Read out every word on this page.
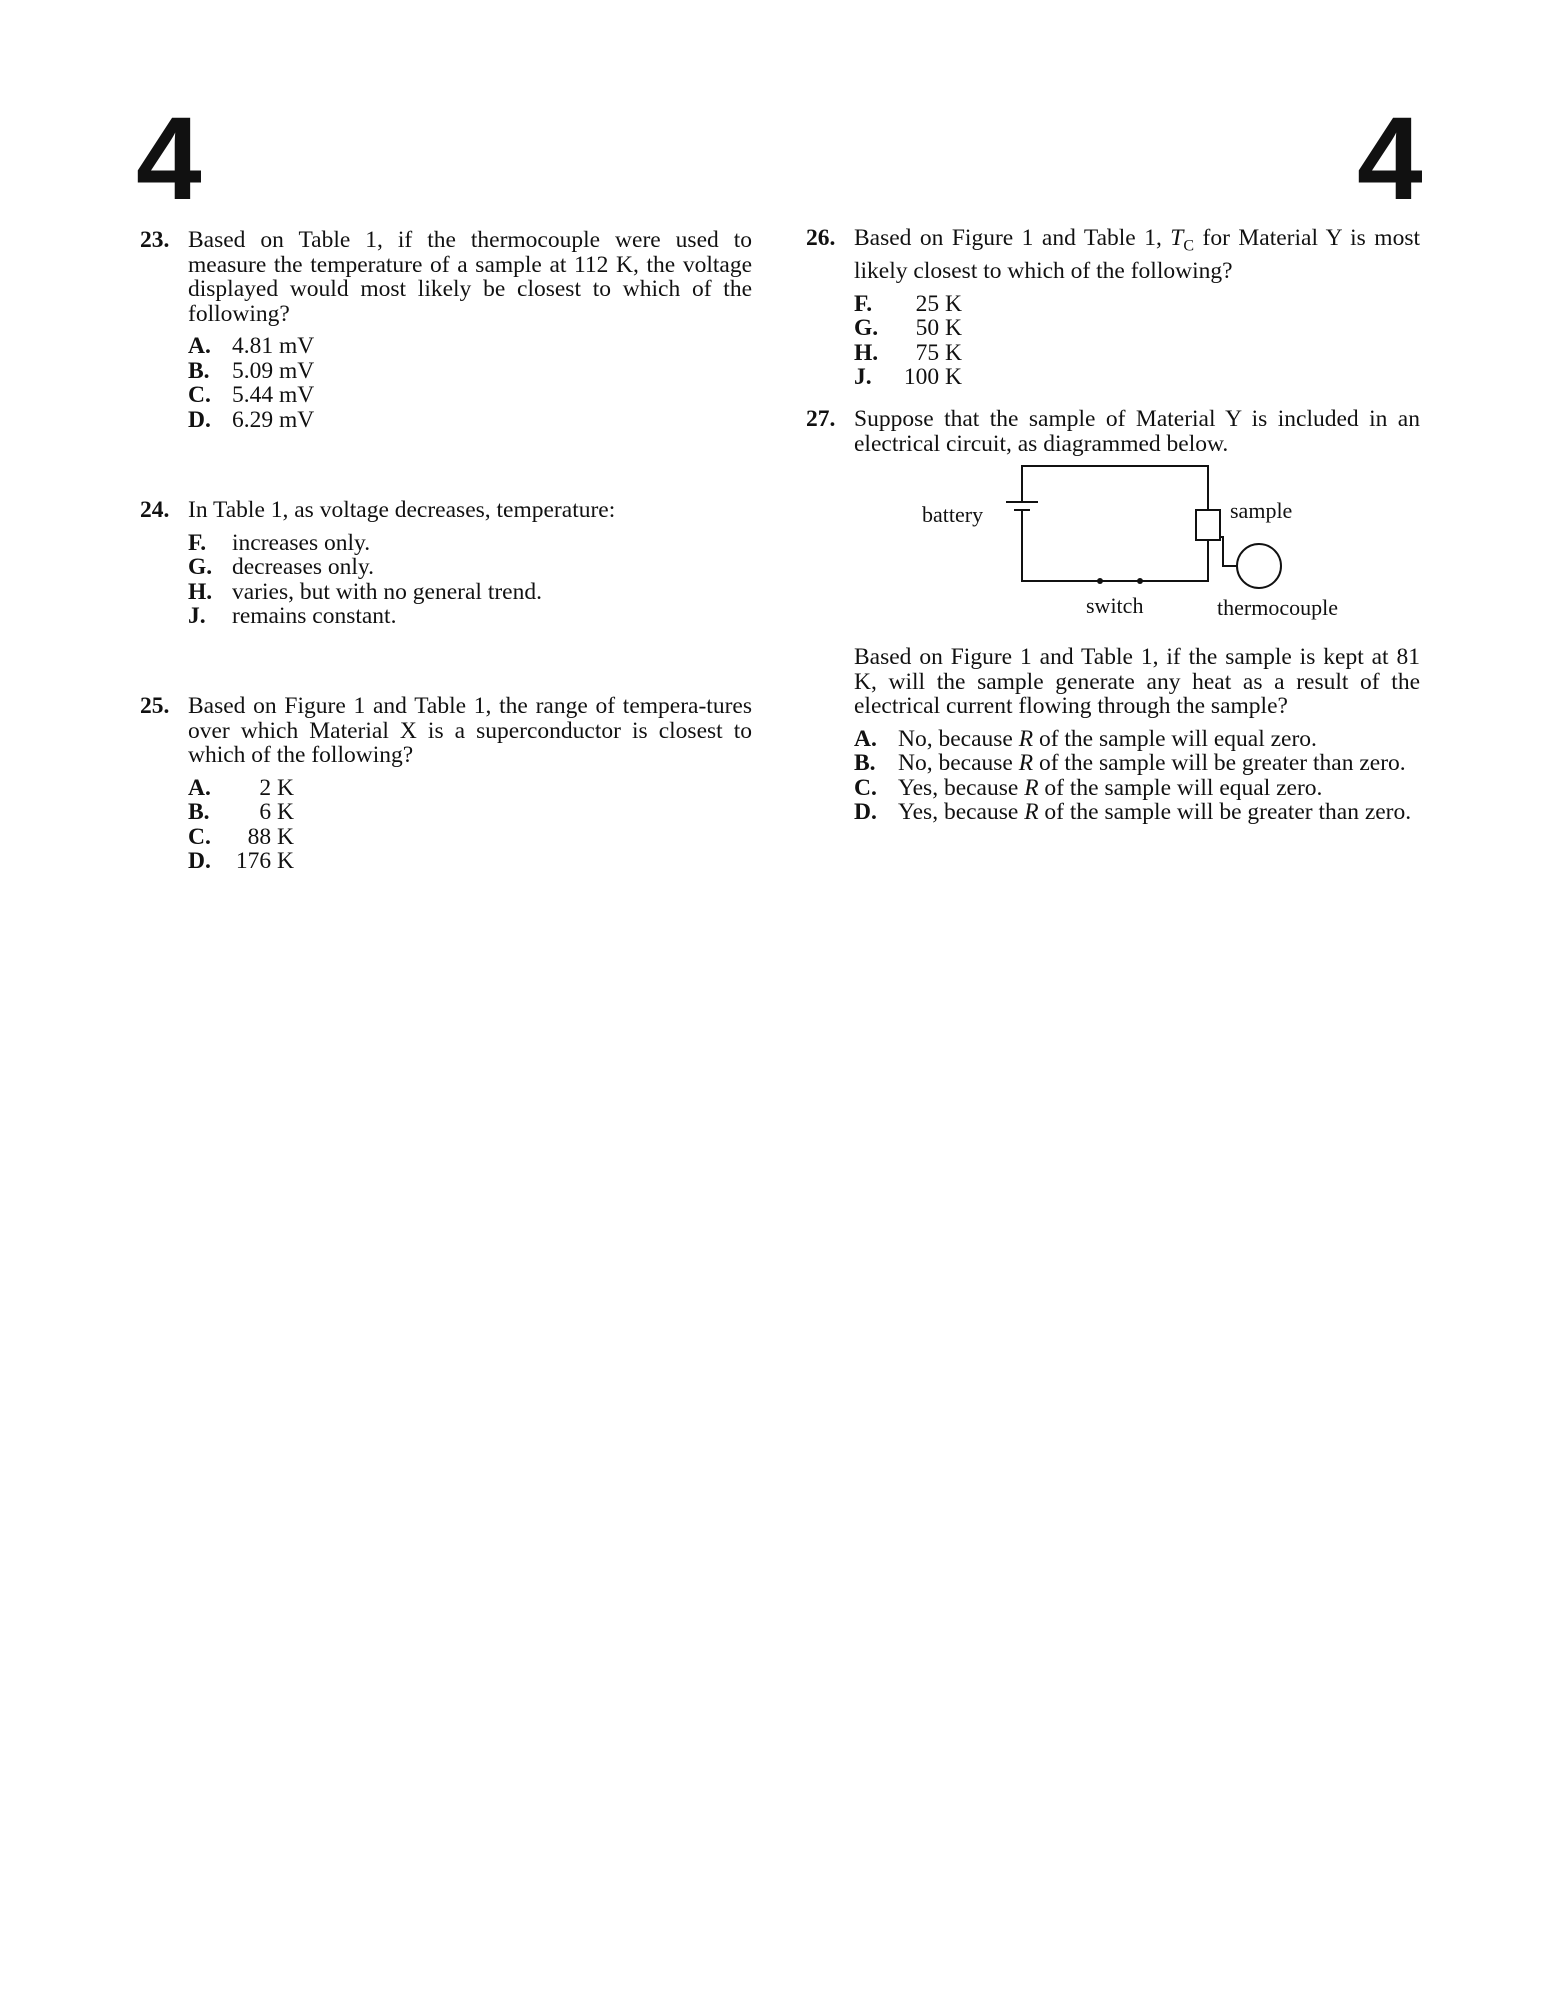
4	4
23. Based on Table 1, if the thermocouple were used to measure the temperature of a sample at 112 K, the voltage displayed would most likely be closest to which of the following?
A. 4.81 mV
B. 5.09 mV
C. 5.44 mV
D. 6.29 mV
24. In Table 1, as voltage decreases, temperature:
F.	increases only.
G. decreases only.
H. varies, but with no general trend.
J.	remains constant.
25. Based on Figure 1 and Table 1, the range of tempera-tures over which Material X is a superconductor is closest to which of the following?
A.	2 K
B.	6 K
C.	88 K
D.	176 K
26. Based on Figure 1 and Table 1, $T_C$ for Material Y is most likely closest to which of the following?
F.	25 K
G.	50 K
H.	75 K
J.	100 K
27. Suppose that the sample of Material Y is included in an electrical circuit, as diagrammed below.
battery	sample
switch	thermocouple
Based on Figure 1 and Table 1, if the sample is kept at 81 K, will the sample generate any heat as a result of the electrical current flowing through the sample?
A. No, because R of the sample will equal zero.
B. No, because R of the sample will be greater than zero.
C. Yes, because R of the sample will equal zero.
D. Yes, because R of the sample will be greater than zero.
